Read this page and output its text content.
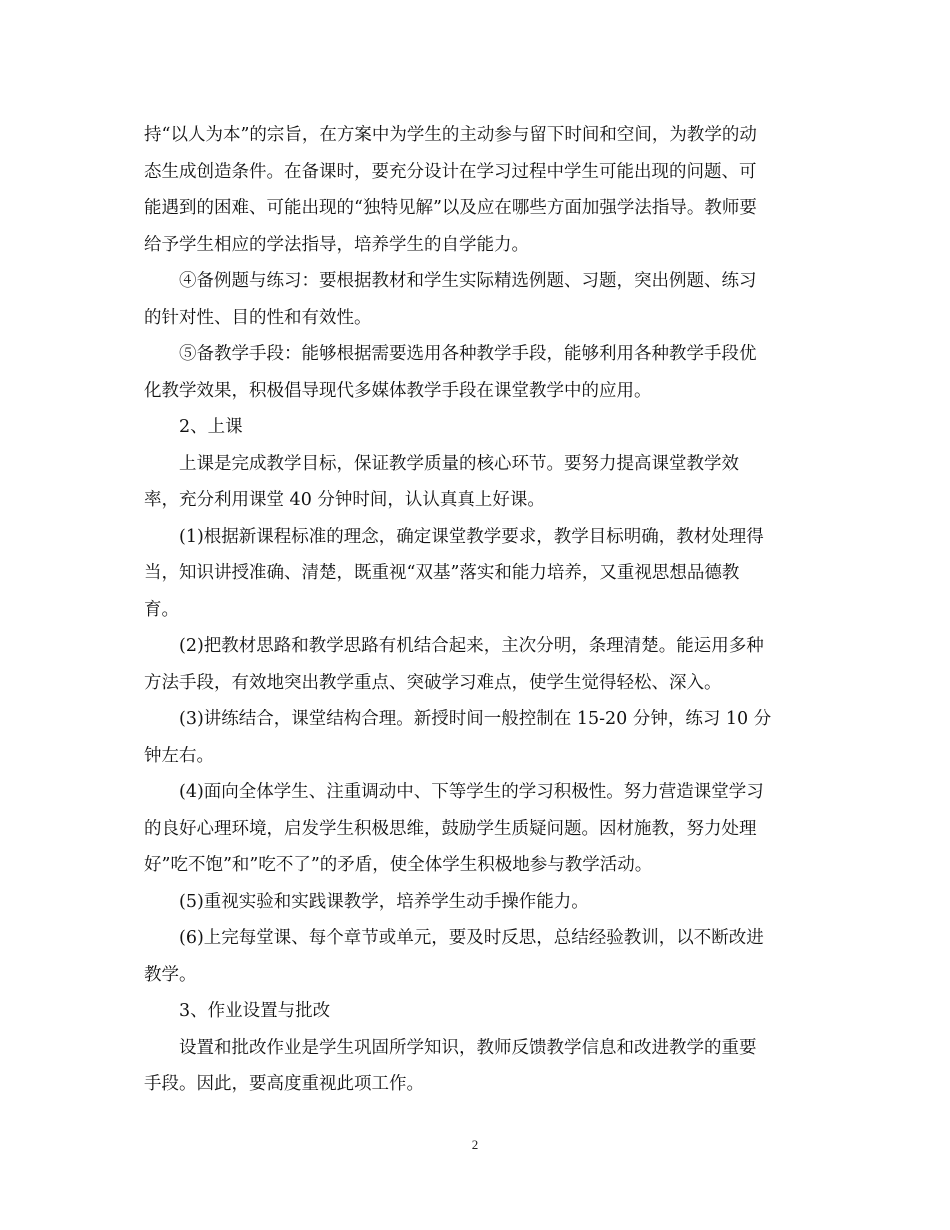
持“以人为本”的宗旨，在方案中为学生的主动参与留下时间和空间，为教学的动
态生成创造条件。在备课时，要充分设计在学习过程中学生可能出现的问题、可
能遇到的困难、可能出现的“独特见解”以及应在哪些方面加强学法指导。教师要
给予学生相应的学法指导，培养学生的自学能力。

④备例题与练习：要根据教材和学生实际精选例题、习题，突出例题、练习
的针对性、目的性和有效性。

⑤备教学手段：能够根据需要选用各种教学手段，能够利用各种教学手段优
化教学效果，积极倡导现代多媒体教学手段在课堂教学中的应用。

2、上课

上课是完成教学目标，保证教学质量的核心环节。要努力提高课堂教学效
率，充分利用课堂 40 分钟时间，认认真真上好课。

(1)根据新课程标准的理念，确定课堂教学要求，教学目标明确，教材处理得
当，知识讲授准确、清楚，既重视“双基”落实和能力培养，又重视思想品德教
育。

(2)把教材思路和教学思路有机结合起来，主次分明，条理清楚。能运用多种
方法手段，有效地突出教学重点、突破学习难点，使学生觉得轻松、深入。

(3)讲练结合，课堂结构合理。新授时间一般控制在 15-20 分钟，练习 10 分
钟左右。

(4)面向全体学生、注重调动中、下等学生的学习积极性。努力营造课堂学习
的良好心理环境，启发学生积极思维，鼓励学生质疑问题。因材施教，努力处理
好”吃不饱”和”吃不了”的矛盾，使全体学生积极地参与教学活动。

(5)重视实验和实践课教学，培养学生动手操作能力。

(6)上完每堂课、每个章节或单元，要及时反思，总结经验教训，以不断改进
教学。

3、作业设置与批改

设置和批改作业是学生巩固所学知识，教师反馈教学信息和改进教学的重要
手段。因此，要高度重视此项工作。

2
